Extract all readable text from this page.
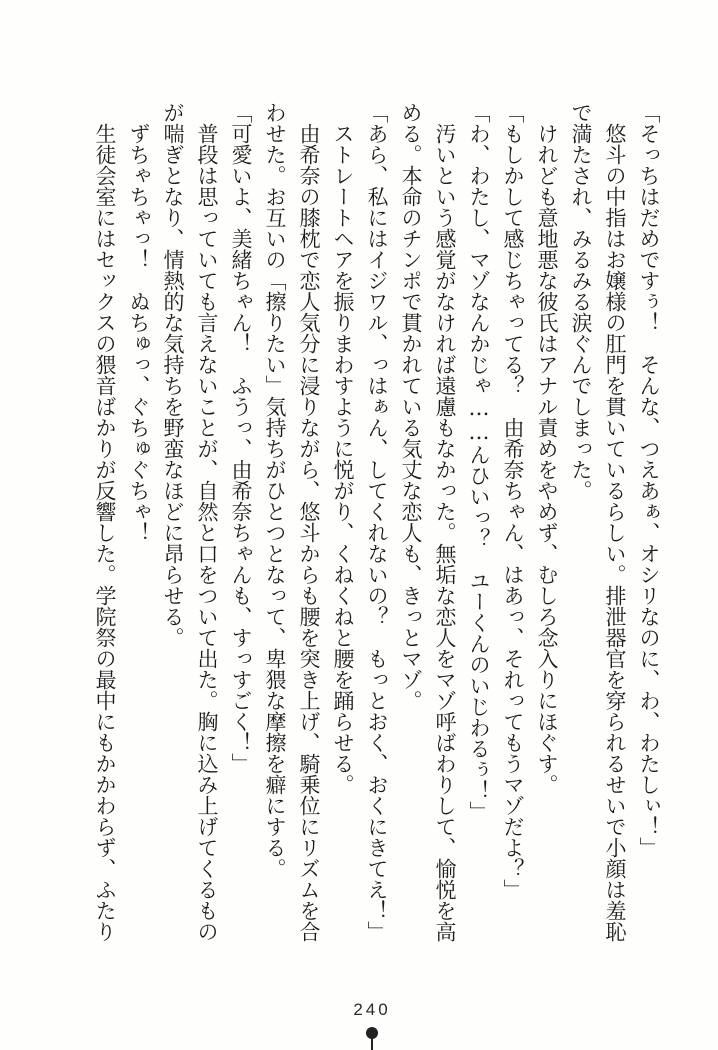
「そっちはだめですぅ！　そんな、つえあぁ、オシリなのに、わ、わたしぃ！」

悠斗の中指はお嬢様の肛門を貫いているらしい。排泄器官を穿られるせいで小顔は羞恥で満たされ、みるみる涙ぐんでしまった。

けれども意地悪な彼氏はアナル責めをやめず、むしろ念入りにほぐす。

「もしかして感じちゃってる？　由希奈ちゃん、はあっ、それってもうマゾだよ？」

「わ、わたし、マゾなんかじゃ……んひいっ？　ユーくんのいじわるぅ！」

汚いという感覚がなければ遠慮もなかった。無垢な恋人をマゾ呼ばわりして、愉悦を高める。本命のチンポで貫かれている気丈な恋人も、きっとマゾ。

「あら、私にはイジワル、っはぁん、してくれないの？　もっとおく、おくにきてえ！」

ストレートヘアを振りまわすように悦がり、くねくねと腰を踊らせる。

由希奈の膝枕で恋人気分に浸りながら、悠斗からも腰を突き上げ、騎乗位にリズムを合わせた。お互いの「擦りたい」気持ちがひとつとなって、卑猥な摩擦を癖にする。

「可愛いよ、美緒ちゃん！　ふうっ、由希奈ちゃんも、すっすごく！」

普段は思っていても言えないことが、自然と口をついて出た。胸に込み上げてくるものが喘ぎとなり、情熱的な気持ちを野蛮なほどに昂らせる。

ずちゃちゃっ！　ぬちゅっ、ぐちゅぐちゃ！

生徒会室にはセックスの猥音ばかりが反響した。学院祭の最中にもかかわらず、ふたり

240
